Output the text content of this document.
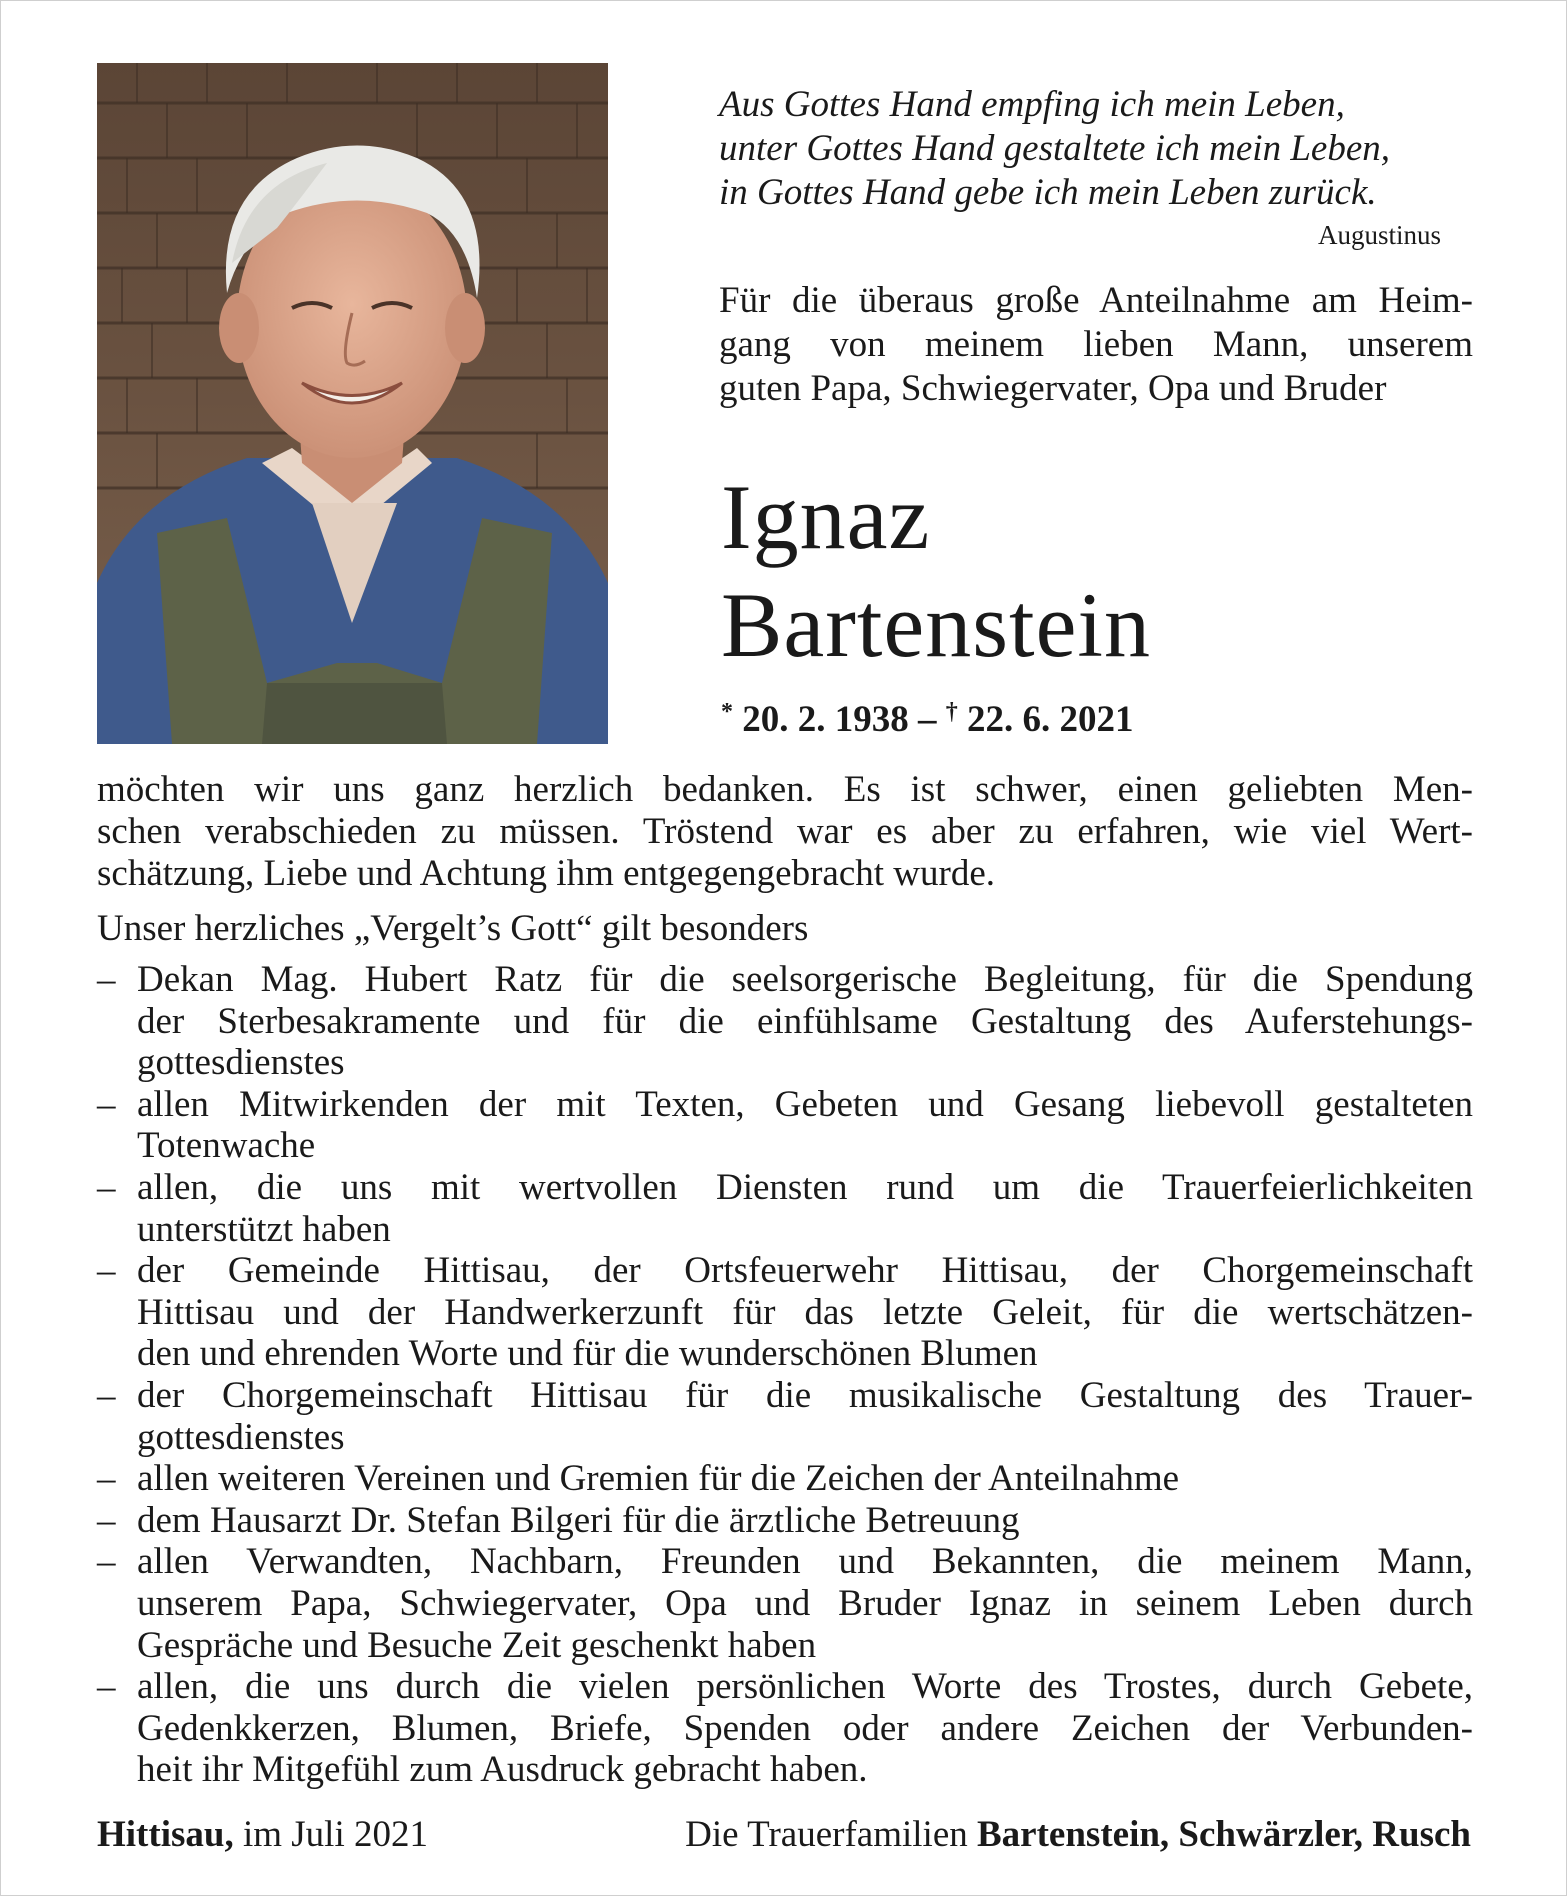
Aus Gottes Hand empfing ich mein Leben,
unter Gottes Hand gestaltete ich mein Leben,
in Gottes Hand gebe ich mein Leben zurück.
Augustinus
Für die überaus große Anteilnahme am Heim-
gang von meinem lieben Mann, unserem
guten Papa, Schwiegervater, Opa und Bruder
Ignaz
Bartenstein
* 20. 2. 1938 – † 22. 6. 2021
möchten wir uns ganz herzlich bedanken. Es ist schwer, einen geliebten Men-
schen verabschieden zu müssen. Tröstend war es aber zu erfahren, wie viel Wert-
schätzung, Liebe und Achtung ihm entgegengebracht wurde.
Unser herzliches „Vergelt’s Gott“ gilt besonders
– Dekan Mag. Hubert Ratz für die seelsorgerische Begleitung, für die Spendung
der Sterbesakramente und für die einfühlsame Gestaltung des Auferstehungs-
gottesdienstes
– allen Mitwirkenden der mit Texten, Gebeten und Gesang liebevoll gestalteten
Totenwache
– allen, die uns mit wertvollen Diensten rund um die Trauerfeierlichkeiten
unterstützt haben
– der Gemeinde Hittisau, der Ortsfeuerwehr Hittisau, der Chorgemeinschaft
Hittisau und der Handwerkerzunft für das letzte Geleit, für die wertschätzen-
den und ehrenden Worte und für die wunderschönen Blumen
– der Chorgemeinschaft Hittisau für die musikalische Gestaltung des Trauer-
gottesdienstes
– allen weiteren Vereinen und Gremien für die Zeichen der Anteilnahme
– dem Hausarzt Dr. Stefan Bilgeri für die ärztliche Betreuung
– allen Verwandten, Nachbarn, Freunden und Bekannten, die meinem Mann,
unserem Papa, Schwiegervater, Opa und Bruder Ignaz in seinem Leben durch
Gespräche und Besuche Zeit geschenkt haben
– allen, die uns durch die vielen persönlichen Worte des Trostes, durch Gebete,
Gedenkkerzen, Blumen, Briefe, Spenden oder andere Zeichen der Verbunden-
heit ihr Mitgefühl zum Ausdruck gebracht haben.
Hittisau, im Juli 2021	Die Trauerfamilien Bartenstein, Schwärzler, Rusch
